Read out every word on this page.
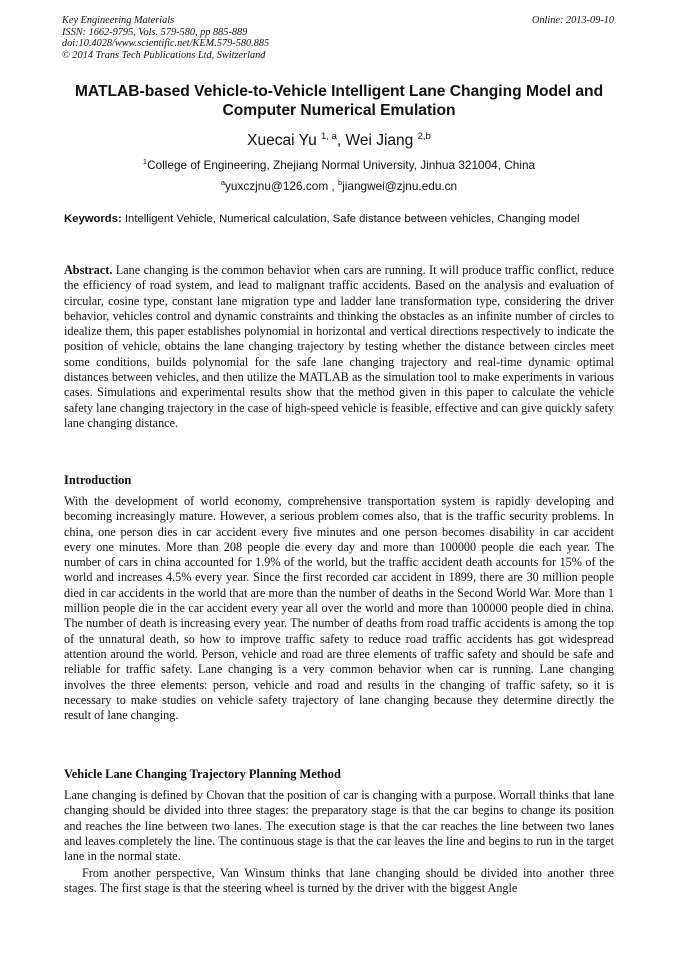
Key Engineering Materials
ISSN: 1662-9795, Vols. 579-580, pp 885-889
doi:10.4028/www.scientific.net/KEM.579-580.885
© 2014 Trans Tech Publications Ltd, Switzerland
Online: 2013-09-10
MATLAB-based Vehicle-to-Vehicle Intelligent Lane Changing Model and Computer Numerical Emulation
Xuecai Yu $^{1, a}$, Wei Jiang $^{2,b}$
$^1$College of Engineering, Zhejiang Normal University, Jinhua 321004, China
$^a$yuxczjnu@126.com , $^b$jiangwei@zjnu.edu.cn
Keywords: Intelligent Vehicle, Numerical calculation, Safe distance between vehicles, Changing model
Abstract. Lane changing is the common behavior when cars are running. It will produce traffic conflict, reduce the efficiency of road system, and lead to malignant traffic accidents. Based on the analysis and evaluation of circular, cosine type, constant lane migration type and ladder lane transformation type, considering the driver behavior, vehicles control and dynamic constraints and thinking the obstacles as an infinite number of circles to idealize them, this paper establishes polynomial in horizontal and vertical directions respectively to indicate the position of vehicle, obtains the lane changing trajectory by testing whether the distance between circles meet some conditions, builds polynomial for the safe lane changing trajectory and real-time dynamic optimal distances between vehicles, and then utilize the MATLAB as the simulation tool to make experiments in various cases. Simulations and experimental results show that the method given in this paper to calculate the vehicle safety lane changing trajectory in the case of high-speed vehicle is feasible, effective and can give quickly safety lane changing distance.
Introduction
With the development of world economy, comprehensive transportation system is rapidly developing and becoming increasingly mature. However, a serious problem comes also, that is the traffic security problems. In china, one person dies in car accident every five minutes and one person becomes disability in car accident every one minutes. More than 208 people die every day and more than 100000 people die each year. The number of cars in china accounted for 1.9% of the world, but the traffic accident death accounts for 15% of the world and increases 4.5% every year. Since the first recorded car accident in 1899, there are 30 million people died in car accidents in the world that are more than the number of deaths in the Second World War. More than 1 million people die in the car accident every year all over the world and more than 100000 people died in china. The number of death is increasing every year. The number of deaths from road traffic accidents is among the top of the unnatural death, so how to improve traffic safety to reduce road traffic accidents has got widespread attention around the world. Person, vehicle and road are three elements of traffic safety and should be safe and reliable for traffic safety. Lane changing is a very common behavior when car is running. Lane changing involves the three elements: person, vehicle and road and results in the changing of traffic safety, so it is necessary to make studies on vehicle safety trajectory of lane changing because they determine directly the result of lane changing.
Vehicle Lane Changing Trajectory Planning Method
Lane changing is defined by Chovan that the position of car is changing with a purpose. Worrall thinks that lane changing should be divided into three stages: the preparatory stage is that the car begins to change its position and reaches the line between two lanes. The execution stage is that the car reaches the line between two lanes and leaves completely the line. The continuous stage is that the car leaves the line and begins to run in the target lane in the normal state.
From another perspective, Van Winsum thinks that lane changing should be divided into another three stages. The first stage is that the steering wheel is turned by the driver with the biggest Angle
